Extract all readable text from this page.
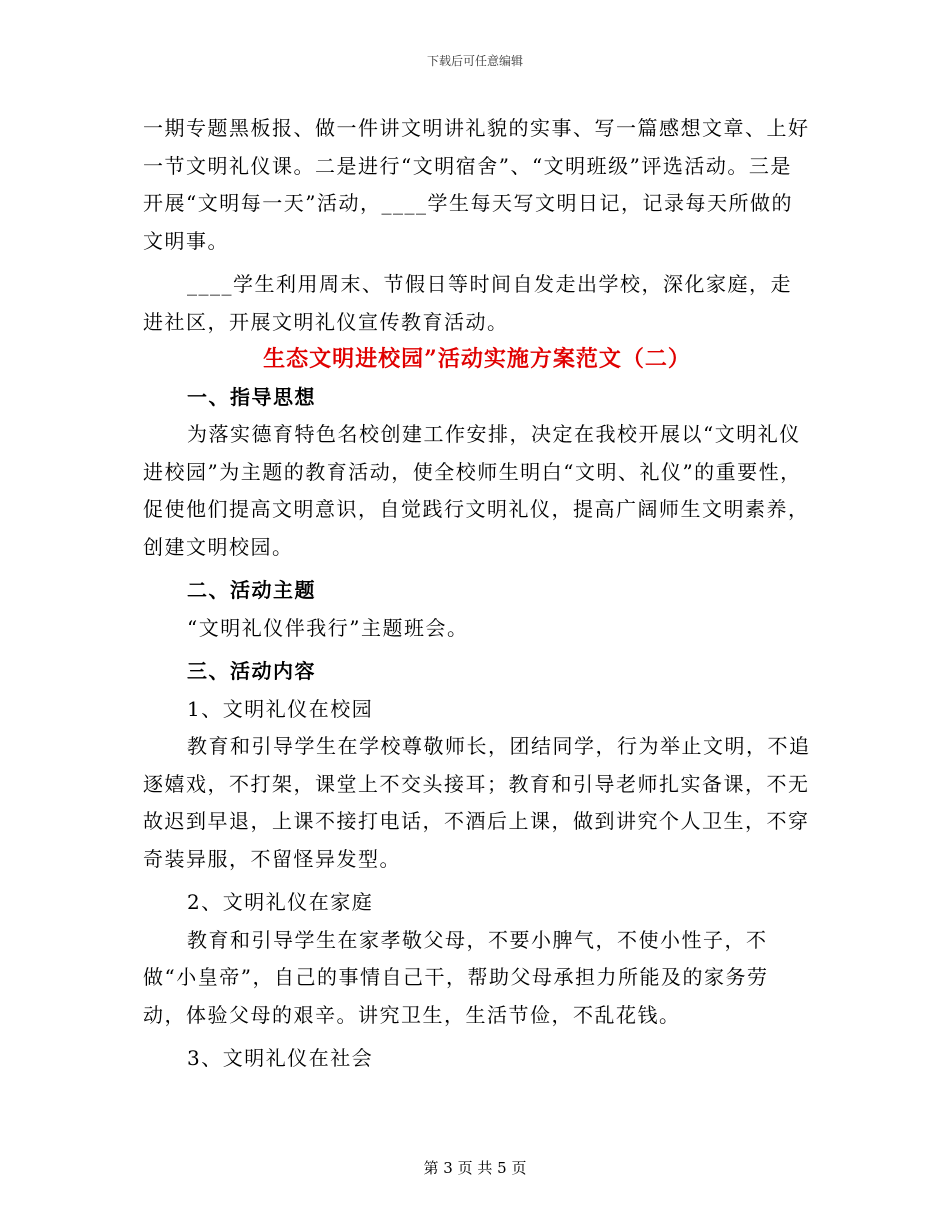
下载后可任意编辑

一期专题黑板报、做一件讲文明讲礼貌的实事、写一篇感想文章、上好一节文明礼仪课。二是进行“文明宿舍”、“文明班级”评选活动。三是开展“文明每一天”活动，____学生每天写文明日记，记录每天所做的文明事。

____学生利用周末、节假日等时间自发走出学校，深化家庭，走进社区，开展文明礼仪宣传教育活动。

生态文明进校园”活动实施方案范文（二）

一、指导思想

为落实德育特色名校创建工作安排，决定在我校开展以“文明礼仪进校园”为主题的教育活动，使全校师生明白“文明、礼仪”的重要性，促使他们提高文明意识，自觉践行文明礼仪，提高广阔师生文明素养，创建文明校园。

二、活动主题

“文明礼仪伴我行”主题班会。

三、活动内容

1、文明礼仪在校园

教育和引导学生在学校尊敬师长，团结同学，行为举止文明，不追逐嬉戏，不打架，课堂上不交头接耳；教育和引导老师扎实备课，不无故迟到早退，上课不接打电话，不酒后上课，做到讲究个人卫生，不穿奇装异服，不留怪异发型。

2、文明礼仪在家庭

教育和引导学生在家孝敬父母，不要小脾气，不使小性子，不做“小皇帝”，自己的事情自己干，帮助父母承担力所能及的家务劳动，体验父母的艰辛。讲究卫生，生活节俭，不乱花钱。

3、文明礼仪在社会

第 3 页 共 5 页
